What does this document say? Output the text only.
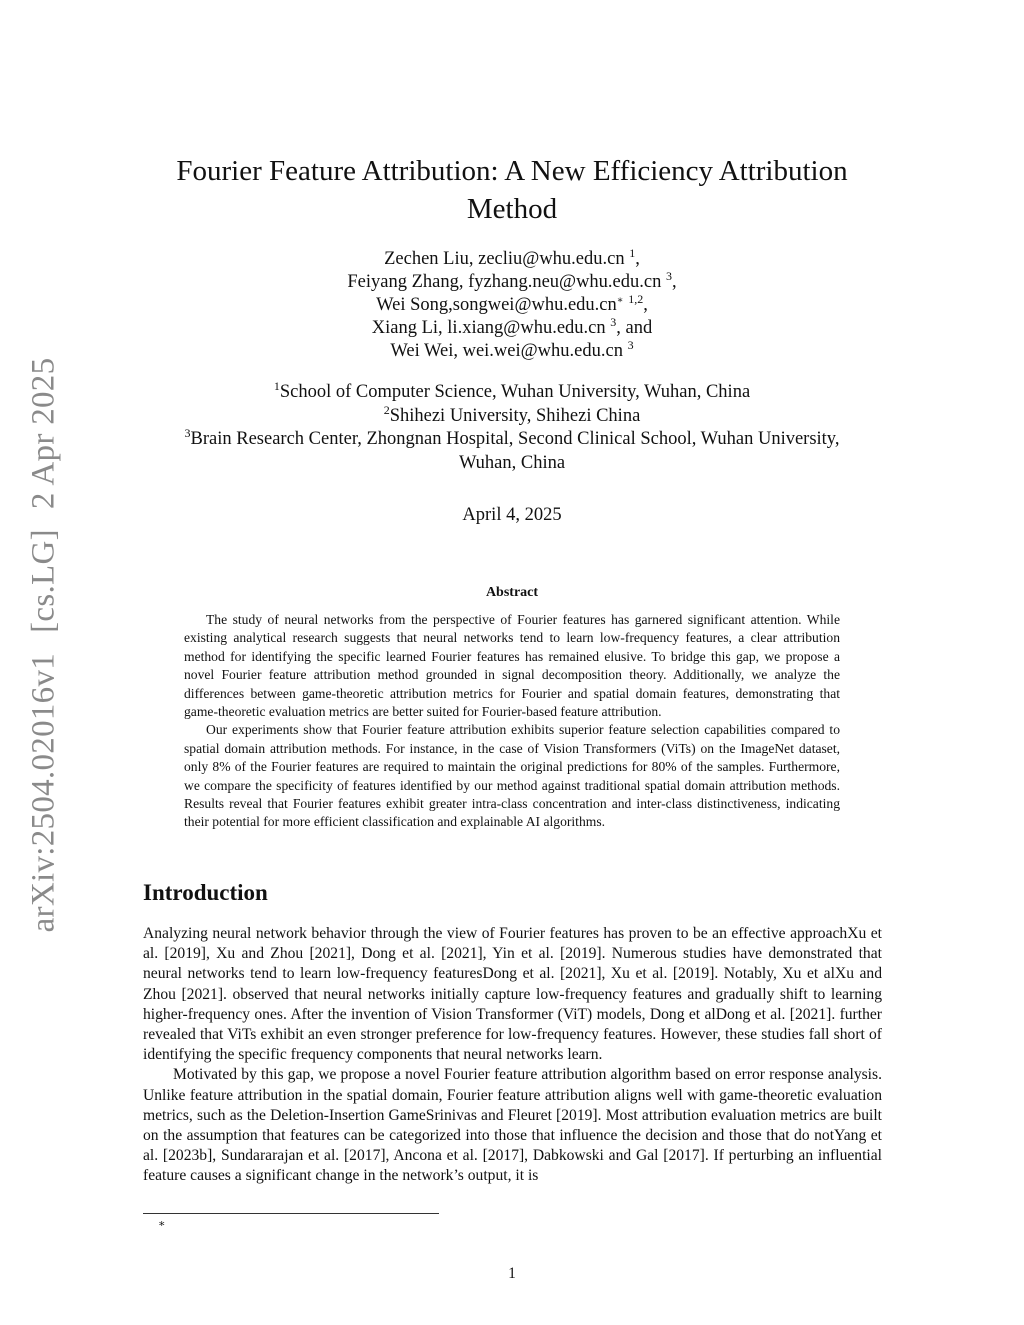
arXiv:2504.02016v1[cs.LG]2 Apr 2025
Fourier Feature Attribution: A New Efficiency Attribution
Method
Zechen Liu, zecliu@whu.edu.cn $^1$,
Feiyang Zhang, fyzhang.neu@whu.edu.cn $^3$,
Wei Song,songwei@whu.edu.cn∗ $^{1,2}$,
Xiang Li, li.xiang@whu.edu.cn $^3$, and
Wei Wei, wei.wei@whu.edu.cn $^3$
$^1$School of Computer Science, Wuhan University, Wuhan, China
$^2$Shihezi University, Shihezi China
$^3$Brain Research Center, Zhongnan Hospital, Second Clinical School, Wuhan University,
Wuhan, China
April 4, 2025
Abstract

The study of neural networks from the perspective of Fourier features has garnered significant attention. While existing analytical research suggests that neural networks tend to learn low-frequency features, a clear attribution method for identifying the specific learned Fourier features has remained elusive. To bridge this gap, we propose a novel Fourier feature attribution method grounded in signal decomposition theory. Additionally, we analyze the differences between game-theoretic attribution metrics for Fourier and spatial domain features, demonstrating that game-theoretic evaluation metrics are better suited for Fourier-based feature attribution.

Our experiments show that Fourier feature attribution exhibits superior feature selection capabilities compared to spatial domain attribution methods. For instance, in the case of Vision Transformers (ViTs) on the ImageNet dataset, only 8% of the Fourier features are required to maintain the original predictions for 80% of the samples. Furthermore, we compare the specificity of features identified by our method against traditional spatial domain attribution methods. Results reveal that Fourier features exhibit greater intra-class concentration and inter-class distinctiveness, indicating their potential for more efficient classification and explainable AI algorithms.

Introduction

Analyzing neural network behavior through the view of Fourier features has proven to be an effective approachXu et al. [2019], Xu and Zhou [2021], Dong et al. [2021], Yin et al. [2019]. Numerous studies have demonstrated that neural networks tend to learn low-frequency featuresDong et al. [2021], Xu et al. [2019]. Notably, Xu et alXu and Zhou [2021]. observed that neural networks initially capture low-frequency features and gradually shift to learning higher-frequency ones. After the invention of Vision Transformer (ViT) models, Dong et alDong et al. [2021]. further revealed that ViTs exhibit an even stronger preference for low-frequency features. However, these studies fall short of identifying the specific frequency components that neural networks learn.

Motivated by this gap, we propose a novel Fourier feature attribution algorithm based on error response analysis. Unlike feature attribution in the spatial domain, Fourier feature attribution aligns well with game-theoretic evaluation metrics, such as the Deletion-Insertion GameSrinivas and Fleuret [2019]. Most attribution evaluation metrics are built on the assumption that features can be categorized into those that influence the decision and those that do notYang et al. [2023b], Sundararajan et al. [2017], Ancona et al. [2017], Dabkowski and Gal [2017]. If perturbing an influential feature causes a significant change in the network’s output, it is

∗
1
